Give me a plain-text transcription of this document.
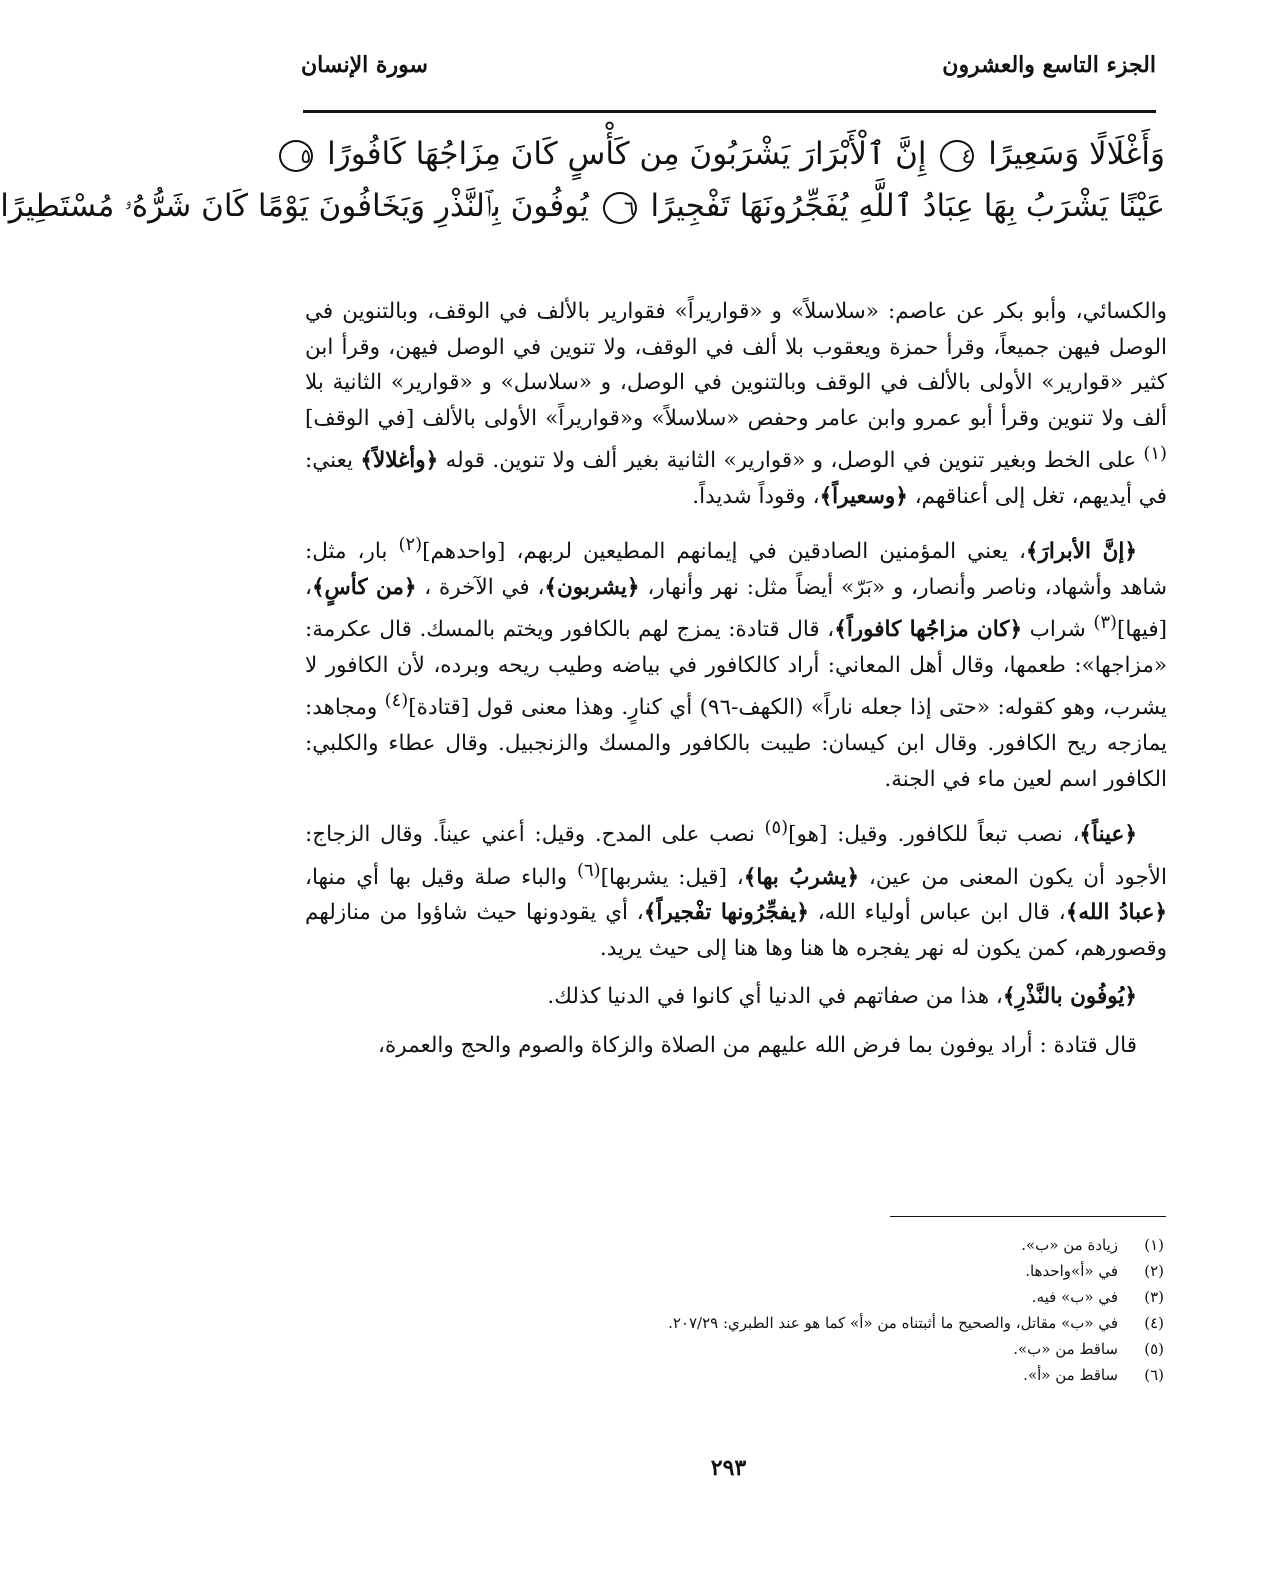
الجزء التاسع والعشرون
سورة الإنسان
وَأَغْلَالًا وَسَعِيرًا ٤ إِنَّ ٱلْأَبْرَارَ يَشْرَبُونَ مِن كَأْسٍ كَانَ مِزَاجُهَا كَافُورًا ٥
عَيْنًا يَشْرَبُ بِهَا عِبَادُ ٱللَّهِ يُفَجِّرُونَهَا تَفْجِيرًا ٦ يُوفُونَ بِٱلنَّذْرِ وَيَخَافُونَ يَوْمًا كَانَ شَرُّهُۥ مُسْتَطِيرًا

والكسائي، وأبو بكر عن عاصم: «سلاسلاً» و «قواريراً» فقوارير بالألف في الوقف، وبالتنوين في الوصل فيهن جميعاً، وقرأ حمزة ويعقوب بلا ألف في الوقف، ولا تنوين في الوصل فيهن، وقرأ ابن كثير «قوارير» الأولى بالألف في الوقف وبالتنوين في الوصل، و «سلاسل» و «قوارير» الثانية بلا ألف ولا تنوين وقرأ أبو عمرو وابن عامر وحفص «سلاسلاً» و«قواريراً» الأولى بالألف [في الوقف]$^{(١)}$ على الخط وبغير تنوين في الوصل، و «قوارير» الثانية بغير ألف ولا تنوين. قوله ﴿وأغلالاً﴾ يعني: في أيديهم، تغل إلى أعناقهم، ﴿وسعيراً﴾، وقوداً شديداً.

﴿إنَّ الأبرارَ﴾، يعني المؤمنين الصادقين في إيمانهم المطيعين لربهم، [واحدهم]$^{(٢)}$ بار، مثل: شاهد وأشهاد، وناصر وأنصار، و «بَرّ» أيضاً مثل: نهر وأنهار، ﴿يشربون﴾، في الآخرة ، ﴿من كأسٍ﴾، [فيها]$^{(٣)}$ شراب ﴿كان مزاجُها كافوراً﴾، قال قتادة: يمزج لهم بالكافور ويختم بالمسك. قال عكرمة: «مزاجها»: طعمها، وقال أهل المعاني: أراد كالكافور في بياضه وطيب ريحه وبرده، لأن الكافور لا يشرب، وهو كقوله: «حتى إذا جعله ناراً» (الكهف-٩٦) أي كنارٍ. وهذا معنى قول [قتادة]$^{(٤)}$ ومجاهد: يمازجه ريح الكافور. وقال ابن كيسان: طيبت بالكافور والمسك والزنجبيل. وقال عطاء والكلبي: الكافور اسم لعين ماء في الجنة.

﴿عيناً﴾، نصب تبعاً للكافور. وقيل: [هو]$^{(٥)}$ نصب على المدح. وقيل: أعني عيناً. وقال الزجاج: الأجود أن يكون المعنى من عين، ﴿يشربُ بها﴾، [قيل: يشربها]$^{(٦)}$ والباء صلة وقيل بها أي منها، ﴿عبادُ الله﴾، قال ابن عباس أولياء الله، ﴿يفجِّرُونها تفْجيراً﴾، أي يقودونها حيث شاؤوا من منازلهم وقصورهم، كمن يكون له نهر يفجره ها هنا وها هنا إلى حيث يريد.

﴿يُوفُون بالنَّذْرِ﴾، هذا من صفاتهم في الدنيا أي كانوا في الدنيا كذلك.

قال قتادة : أراد يوفون بما فرض الله عليهم من الصلاة والزكاة والصوم والحج والعمرة،

(١)زيادة من «ب».
(٢)في «أ»واحدها.
(٣)في «ب» فيه.
(٤)في «ب» مقاتل، والصحيح ما أثبتناه من «أ» كما هو عند الطبري: ٢٠٧/٢٩.
(٥)ساقط من «ب».
(٦)ساقط من «أ».
٢٩٣
